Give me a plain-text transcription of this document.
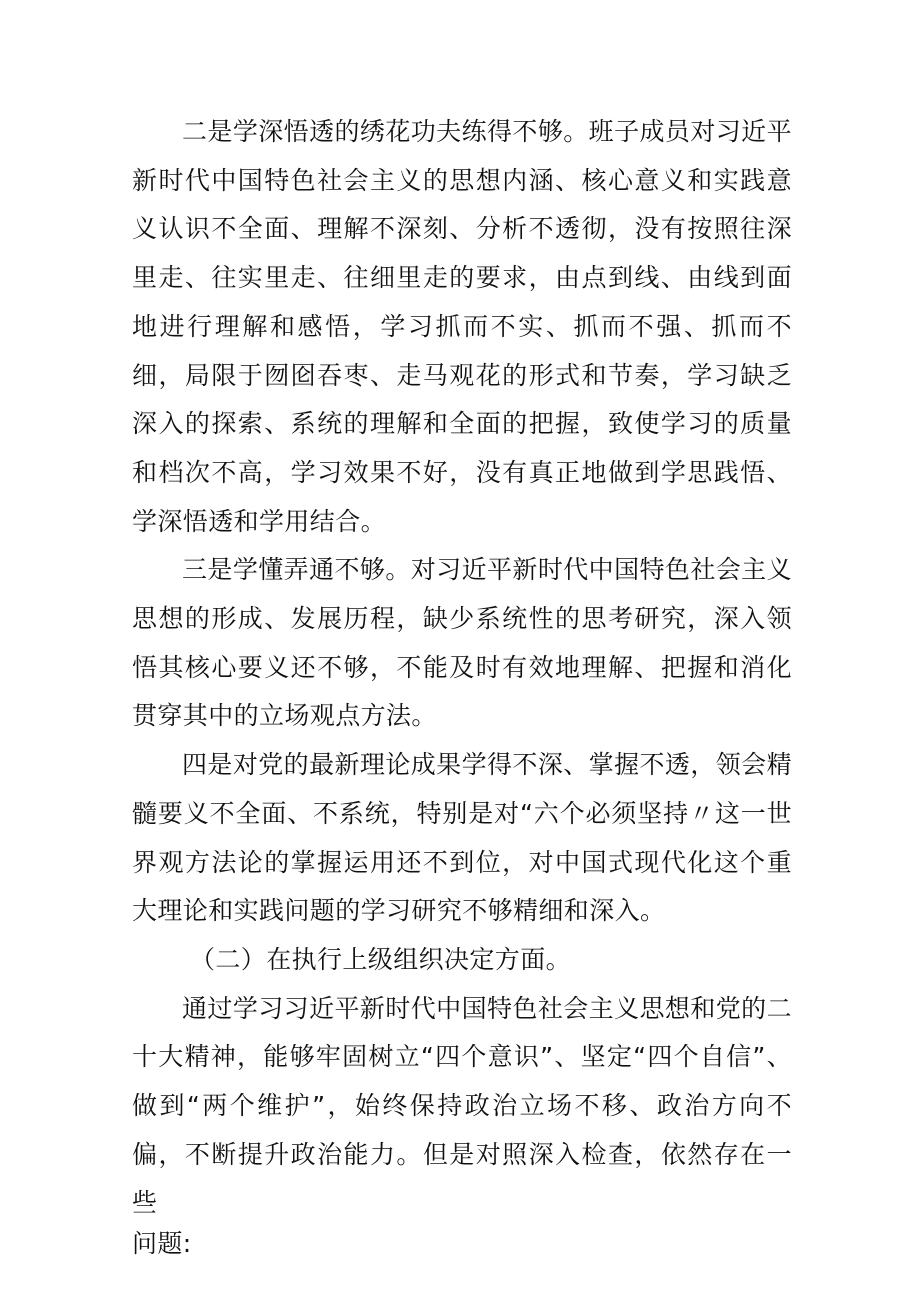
二是学深悟透的绣花功夫练得不够。班子成员对习近平新时代中国特色社会主义的思想内涵、核心意义和实践意义认识不全面、理解不深刻、分析不透彻，没有按照往深里走、往实里走、往细里走的要求，由点到线、由线到面地进行理解和感悟，学习抓而不实、抓而不强、抓而不细，局限于囫囵吞枣、走马观花的形式和节奏，学习缺乏深入的探索、系统的理解和全面的把握，致使学习的质量和档次不高，学习效果不好，没有真正地做到学思践悟、学深悟透和学用结合。

三是学懂弄通不够。对习近平新时代中国特色社会主义思想的形成、发展历程，缺少系统性的思考研究，深入领悟其核心要义还不够，不能及时有效地理解、把握和消化贯穿其中的立场观点方法。

四是对党的最新理论成果学得不深、掌握不透，领会精髓要义不全面、不系统，特别是对“六个必须坚持〃这一世界观方法论的掌握运用还不到位，对中国式现代化这个重大理论和实践问题的学习研究不够精细和深入。

（二）在执行上级组织决定方面。

通过学习习近平新时代中国特色社会主义思想和党的二十大精神，能够牢固树立“四个意识”、坚定“四个自信”、做到“两个维护”，始终保持政治立场不移、政治方向不偏，不断提升政治能力。但是对照深入检查，依然存在一些

问题:
